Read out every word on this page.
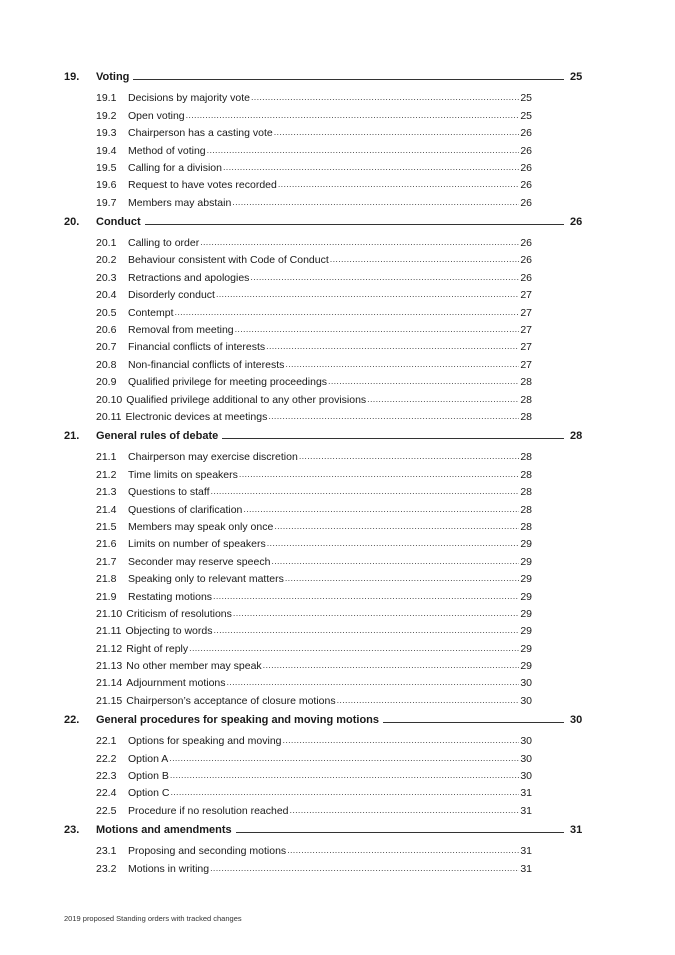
19.	Voting	25
19.1	Decisions by majority vote .....	25
19.2	Open voting .....	25
19.3	Chairperson has a casting vote .....	26
19.4	Method of voting .....	26
19.5	Calling for a division .....	26
19.6	Request to have votes recorded .....	26
19.7	Members may abstain .....	26
20.	Conduct	26
20.1	Calling to order .....	26
20.2	Behaviour consistent with Code of Conduct .....	26
20.3	Retractions and apologies .....	26
20.4	Disorderly conduct .....	27
20.5	Contempt .....	27
20.6	Removal from meeting .....	27
20.7	Financial conflicts of interests .....	27
20.8	Non-financial conflicts of interests .....	27
20.9	Qualified privilege for meeting proceedings .....	28
20.10 Qualified privilege additional to any other provisions .....	28
20.11 Electronic devices at meetings .....	28
21.	General rules of debate	28
21.1	Chairperson may exercise discretion .....	28
21.2	Time limits on speakers .....	28
21.3	Questions to staff .....	28
21.4	Questions of clarification .....	28
21.5	Members may speak only once .....	28
21.6	Limits on number of speakers .....	29
21.7	Seconder may reserve speech .....	29
21.8	Speaking only to relevant matters .....	29
21.9	Restating motions .....	29
21.10 Criticism of resolutions .....	29
21.11 Objecting to words .....	29
21.12 Right of reply .....	29
21.13 No other member may speak .....	29
21.14 Adjournment motions .....	30
21.15 Chairperson’s acceptance of closure motions .....	30
22.	General procedures for speaking and moving motions	30
22.1	Options for speaking and moving .....	30
22.2	Option A .....	30
22.3	Option B .....	30
22.4	Option C .....	31
22.5	Procedure if no resolution reached .....	31
23.	Motions and amendments	31
23.1	Proposing and seconding motions .....	31
23.2	Motions in writing .....	31
2019 proposed Standing orders with tracked changes
